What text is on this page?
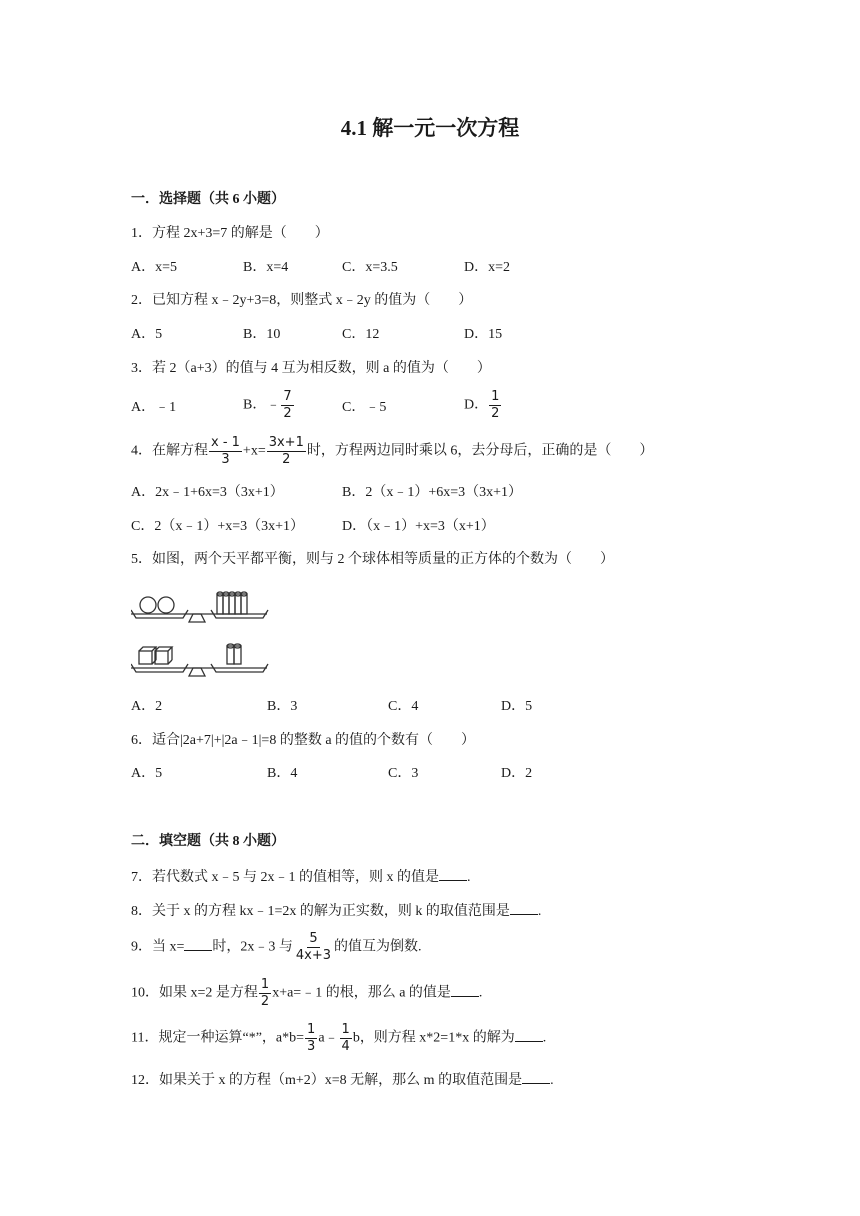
4.1 解一元一次方程
一．选择题（共 6 小题）
1．方程 2x+3=7 的解是（　　）
A．x=5	B．x=4	C．x=3.5	D．x=2
2．已知方程 x﹣2y+3=8，则整式 x﹣2y 的值为（　　）
A．5	B．10	C．12	D．15
3．若 2（a+3）的值与 4 互为相反数，则 a 的值为（　　）
A．﹣1	B．﹣ $\frac{7}{2}$	C．﹣5	D． $\frac{1}{2}$
4．在解方程 $\frac{x - 1}{3} +x= \frac{3x+1}{2}$ 时，方程两边同时乘以 6，去分母后，正确的是（　　）
A．2x﹣1+6x=3（3x+1）	B．2（x﹣1）+6x=3（3x+1）
C．2（x﹣1）+x=3（3x+1）	D．（x﹣1）+x=3（x+1）
5．如图，两个天平都平衡，则与 2 个球体相等质量的正方体的个数为（　　）
A．2	B．3	C．4	D．5
6．适合|2a+7|+|2a﹣1|=8 的整数 a 的值的个数有（　　）
A．5	B．4	C．3	D．2
二．填空题（共 8 小题）
7．若代数式 x﹣5 与 2x﹣1 的值相等，则 x 的值是 .
8．关于 x 的方程 kx﹣1=2x 的解为正实数，则 k 的取值范围是 .
9．当 x= 时，2x﹣3 与 $\frac{5}{4x+3}$ 的值互为倒数.
10．如果 x=2 是方程 $\frac{1}{2}$ x+a=﹣1 的根，那么 a 的值是 .
11．规定一种运算“*”，$a*b= \frac{1}{3}$ a﹣ $\frac{1}{4}$ b，则方程 x*2=1*x 的解为 .
12．如果关于 x 的方程（m+2）x=8 无解，那么 m 的取值范围是 .
